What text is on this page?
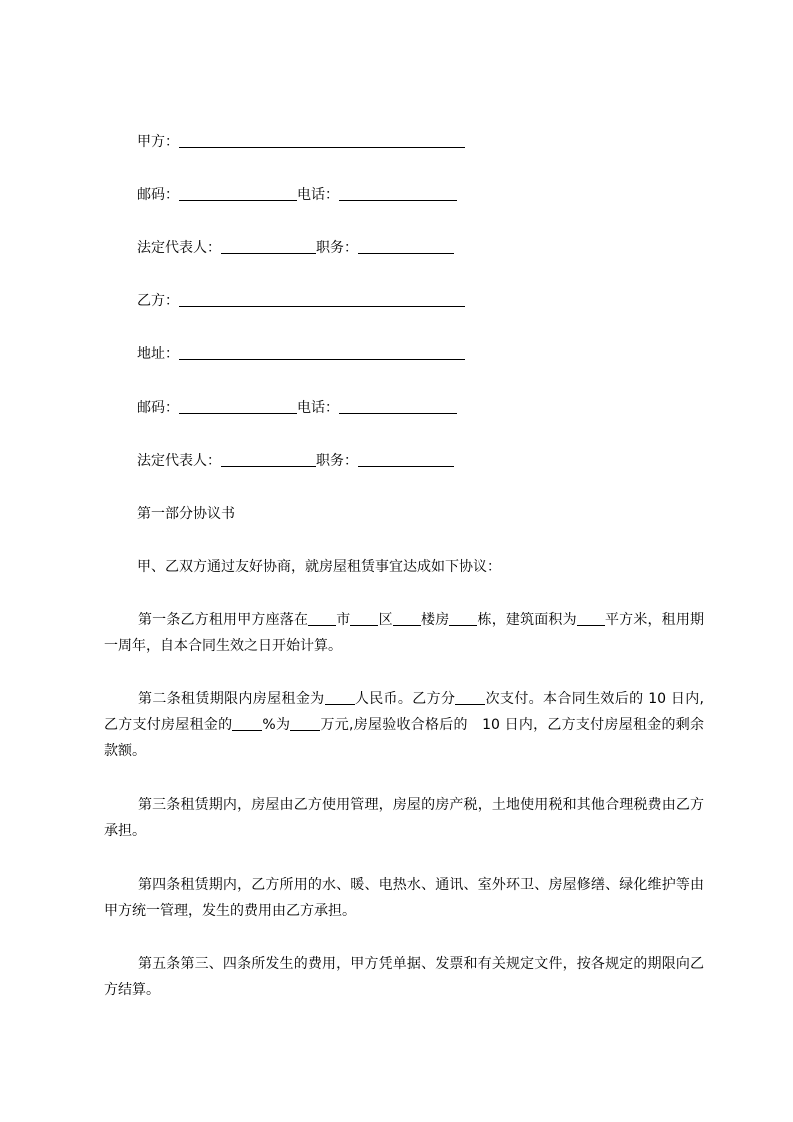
甲方：
邮码：	电话：
法定代表人：	职务：
乙方：
地址：
邮码：	电话：
法定代表人：	职务：
第一部分协议书
甲、乙双方通过友好协商，就房屋租赁事宜达成如下协议：
第一条乙方租用甲方座落在 市 区 楼房 栋，建筑面积为 平方米，租用期一周年，自本合同生效之日开始计算。
第二条租赁期限内房屋租金为 人民币。乙方分 次支付。本合同生效后的 10 日内,乙方支付房屋租金的 %为 万元,房屋验收合格后的　10 日内，乙方支付房屋租金的剩余款额。
第三条租赁期内，房屋由乙方使用管理，房屋的房产税，土地使用税和其他合理税费由乙方承担。
第四条租赁期内，乙方所用的水、暖、电热水、通讯、室外环卫、房屋修缮、绿化维护等由甲方统一管理，发生的费用由乙方承担。
第五条第三、四条所发生的费用，甲方凭单据、发票和有关规定文件，按各规定的期限向乙方结算。
